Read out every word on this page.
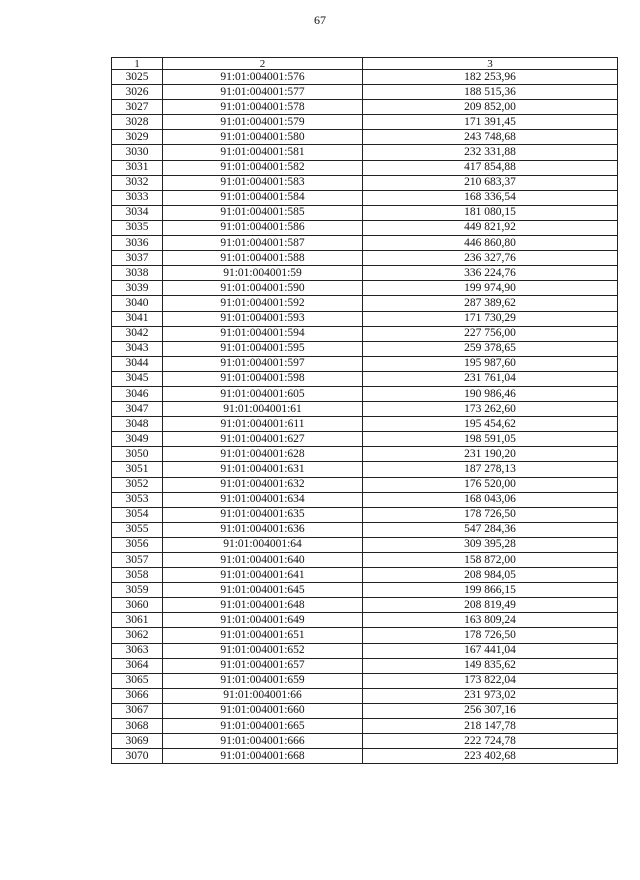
67
1	2	3
3025	91:01:004001:576	182 253,96
3026	91:01:004001:577	188 515,36
3027	91:01:004001:578	209 852,00
3028	91:01:004001:579	171 391,45
3029	91:01:004001:580	243 748,68
3030	91:01:004001:581	232 331,88
3031	91:01:004001:582	417 854,88
3032	91:01:004001:583	210 683,37
3033	91:01:004001:584	168 336,54
3034	91:01:004001:585	181 080,15
3035	91:01:004001:586	449 821,92
3036	91:01:004001:587	446 860,80
3037	91:01:004001:588	236 327,76
3038	91:01:004001:59	336 224,76
3039	91:01:004001:590	199 974,90
3040	91:01:004001:592	287 389,62
3041	91:01:004001:593	171 730,29
3042	91:01:004001:594	227 756,00
3043	91:01:004001:595	259 378,65
3044	91:01:004001:597	195 987,60
3045	91:01:004001:598	231 761,04
3046	91:01:004001:605	190 986,46
3047	91:01:004001:61	173 262,60
3048	91:01:004001:611	195 454,62
3049	91:01:004001:627	198 591,05
3050	91:01:004001:628	231 190,20
3051	91:01:004001:631	187 278,13
3052	91:01:004001:632	176 520,00
3053	91:01:004001:634	168 043,06
3054	91:01:004001:635	178 726,50
3055	91:01:004001:636	547 284,36
3056	91:01:004001:64	309 395,28
3057	91:01:004001:640	158 872,00
3058	91:01:004001:641	208 984,05
3059	91:01:004001:645	199 866,15
3060	91:01:004001:648	208 819,49
3061	91:01:004001:649	163 809,24
3062	91:01:004001:651	178 726,50
3063	91:01:004001:652	167 441,04
3064	91:01:004001:657	149 835,62
3065	91:01:004001:659	173 822,04
3066	91:01:004001:66	231 973,02
3067	91:01:004001:660	256 307,16
3068	91:01:004001:665	218 147,78
3069	91:01:004001:666	222 724,78
3070	91:01:004001:668	223 402,68
